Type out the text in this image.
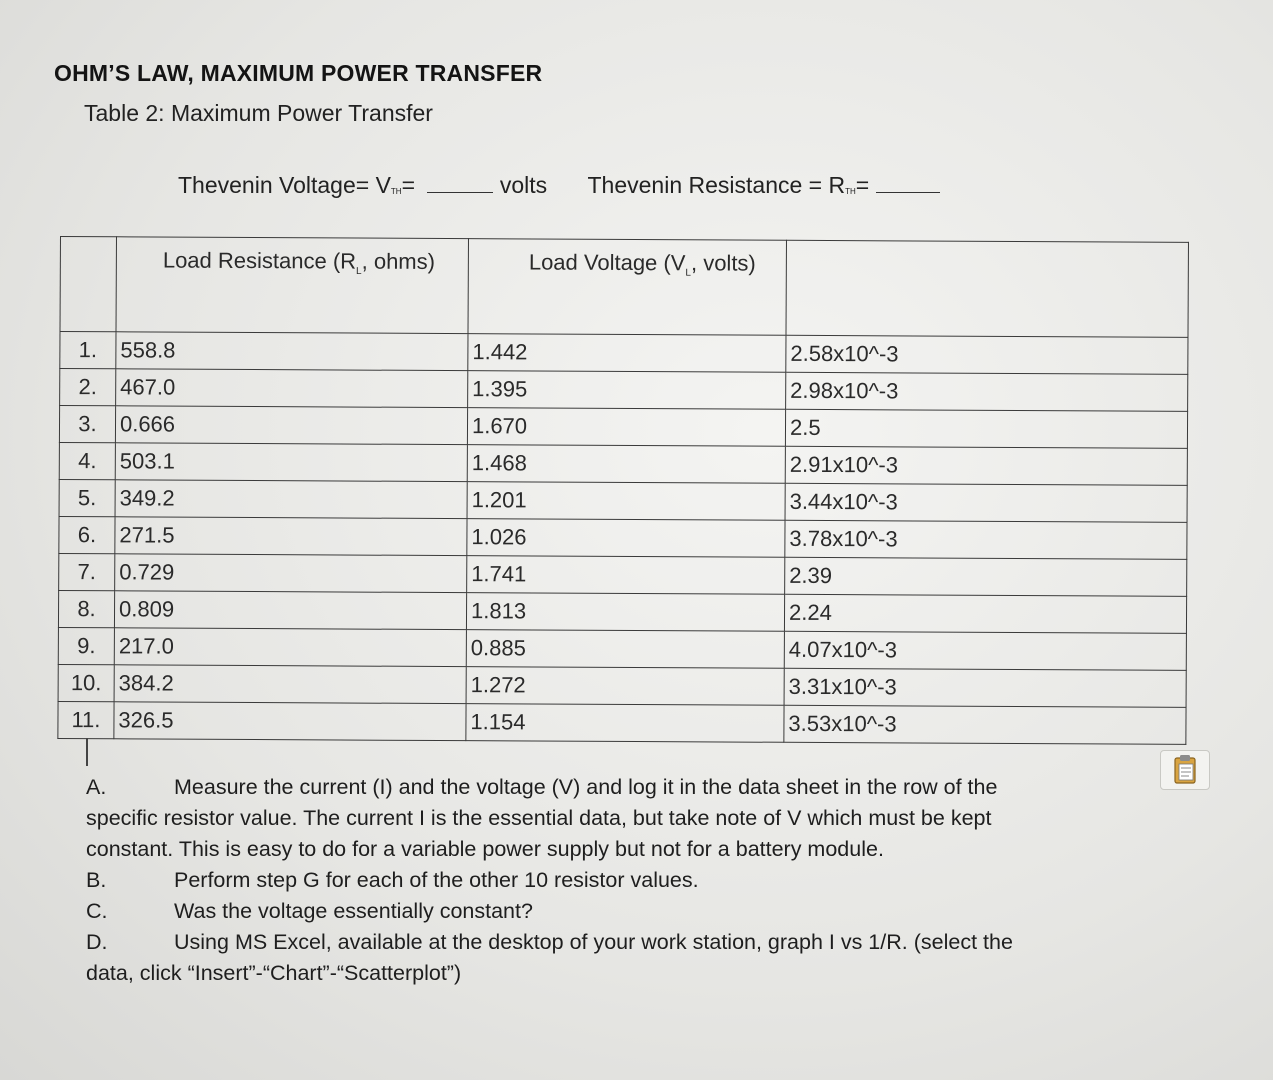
OHM’S LAW, MAXIMUM POWER TRANSFER
Table 2: Maximum Power Transfer
Thevenin Voltage= $V_{TH}=$	volts Thevenin Resistance = $R_{TH}=$
	Load Resistance ($R_L$, ohms)	Load Voltage ($V_L$, volts)	
1.	558.8	1.442	2.58x10^-3
2.	467.0	1.395	2.98x10^-3
3.	0.666	1.670	2.5
4.	503.1	1.468	2.91x10^-3
5.	349.2	1.201	3.44x10^-3
6.	271.5	1.026	3.78x10^-3
7.	0.729	1.741	2.39
8.	0.809	1.813	2.24
9.	217.0	0.885	4.07x10^-3
10.	384.2	1.272	3.31x10^-3
11.	326.5	1.154	3.53x10^-3
A.	Measure the current (I) and the voltage (V) and log it in the data sheet in the row of the
specific resistor value. The current I is the essential data, but take note of V which must be kept
constant. This is easy to do for a variable power supply but not for a battery module.
B.	Perform step G for each of the other 10 resistor values.
C.	Was the voltage essentially constant?
D.	Using MS Excel, available at the desktop of your work station, graph I vs 1/R. (select the
data, click “Insert”-“Chart”-“Scatterplot”)
